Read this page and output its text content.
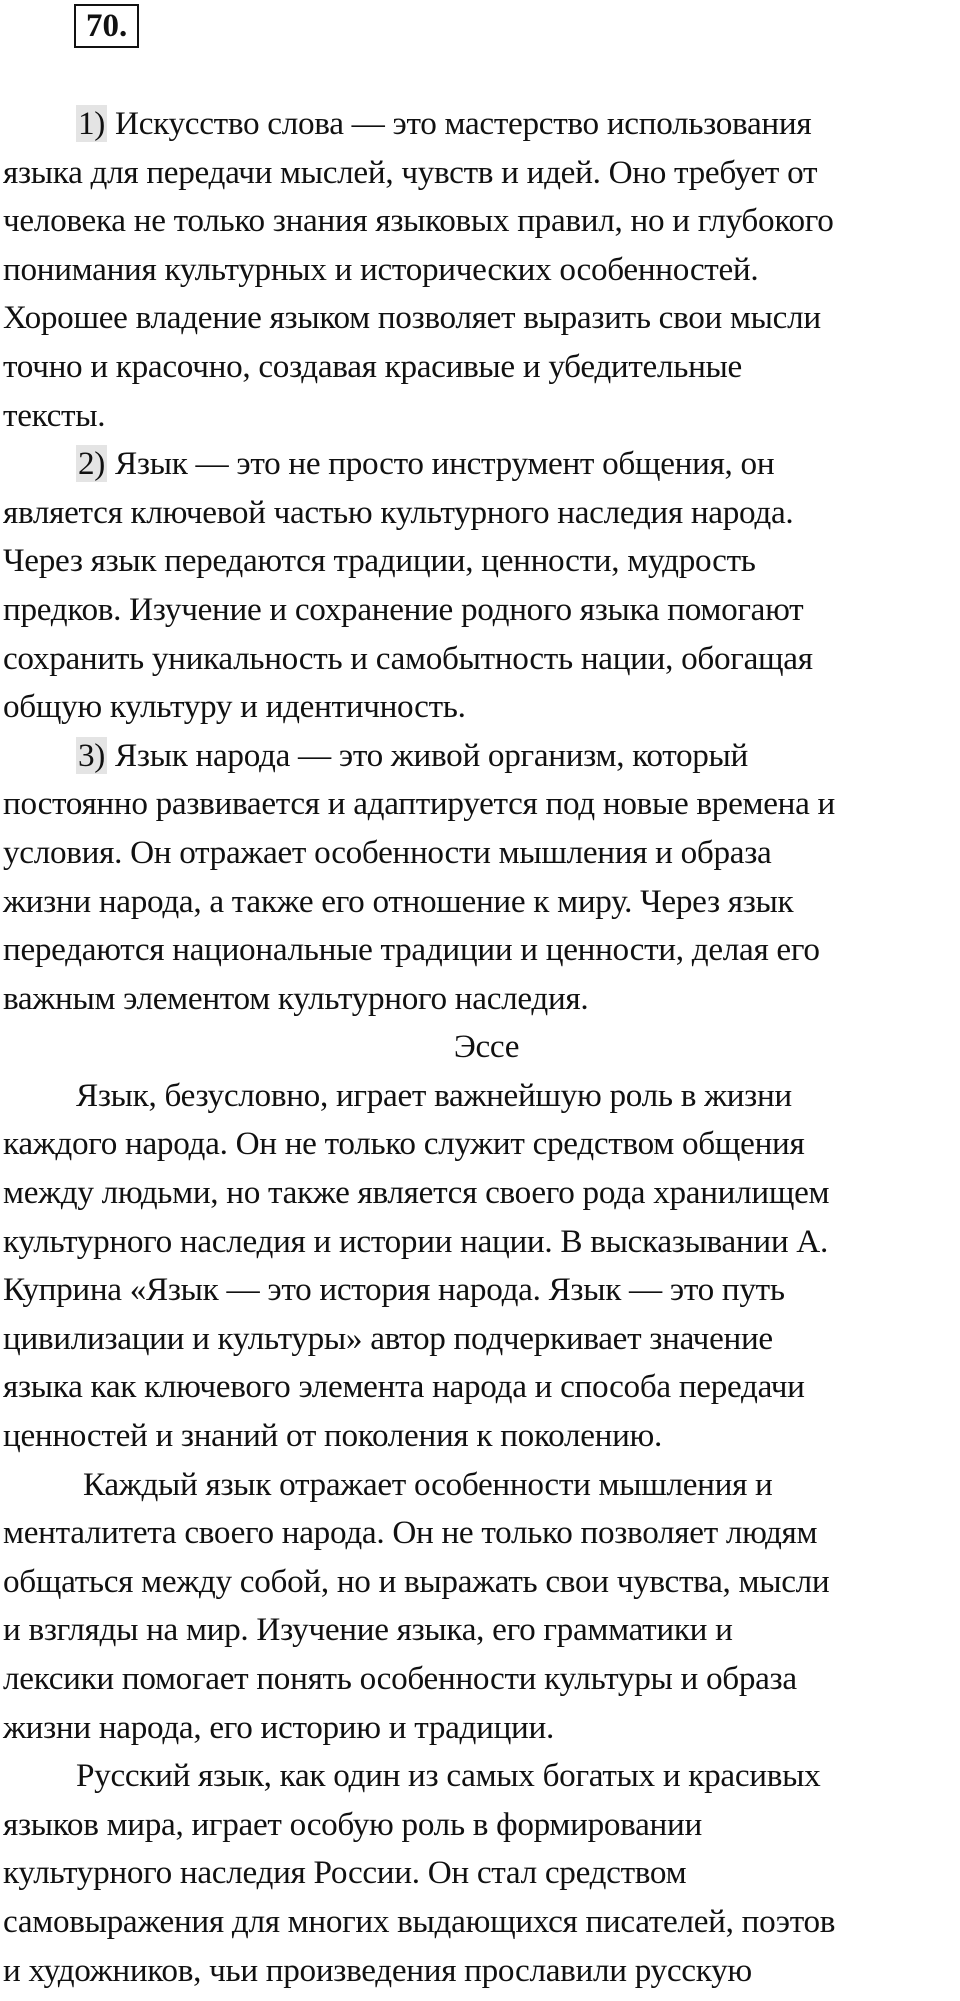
70.

1) Искусство слова — это мастерство использования
языка для передачи мыслей, чувств и идей. Оно требует от
человека не только знания языковых правил, но и глубокого
понимания культурных и исторических особенностей.
Хорошее владение языком позволяет выразить свои мысли
точно и красочно, создавая красивые и убедительные
тексты.

2) Язык — это не просто инструмент общения, он
является ключевой частью культурного наследия народа.
Через язык передаются традиции, ценности, мудрость
предков. Изучение и сохранение родного языка помогают
сохранить уникальность и самобытность нации, обогащая
общую культуру и идентичность.

3) Язык народа — это живой организм, который
постоянно развивается и адаптируется под новые времена и
условия. Он отражает особенности мышления и образа
жизни народа, а также его отношение к миру. Через язык
передаются национальные традиции и ценности, делая его
важным элементом культурного наследия.

Эссе

Язык, безусловно, играет важнейшую роль в жизни
каждого народа. Он не только служит средством общения
между людьми, но также является своего рода хранилищем
культурного наследия и истории нации. В высказывании А.
Куприна «Язык — это история народа. Язык — это путь
цивилизации и культуры» автор подчеркивает значение
языка как ключевого элемента народа и способа передачи
ценностей и знаний от поколения к поколению.

Каждый язык отражает особенности мышления и
менталитета своего народа. Он не только позволяет людям
общаться между собой, но и выражать свои чувства, мысли
и взгляды на мир. Изучение языка, его грамматики и
лексики помогает понять особенности культуры и образа
жизни народа, его историю и традиции.

Русский язык, как один из самых богатых и красивых
языков мира, играет особую роль в формировании
культурного наследия России. Он стал средством
самовыражения для многих выдающихся писателей, поэтов
и художников, чьи произведения прославили русскую
